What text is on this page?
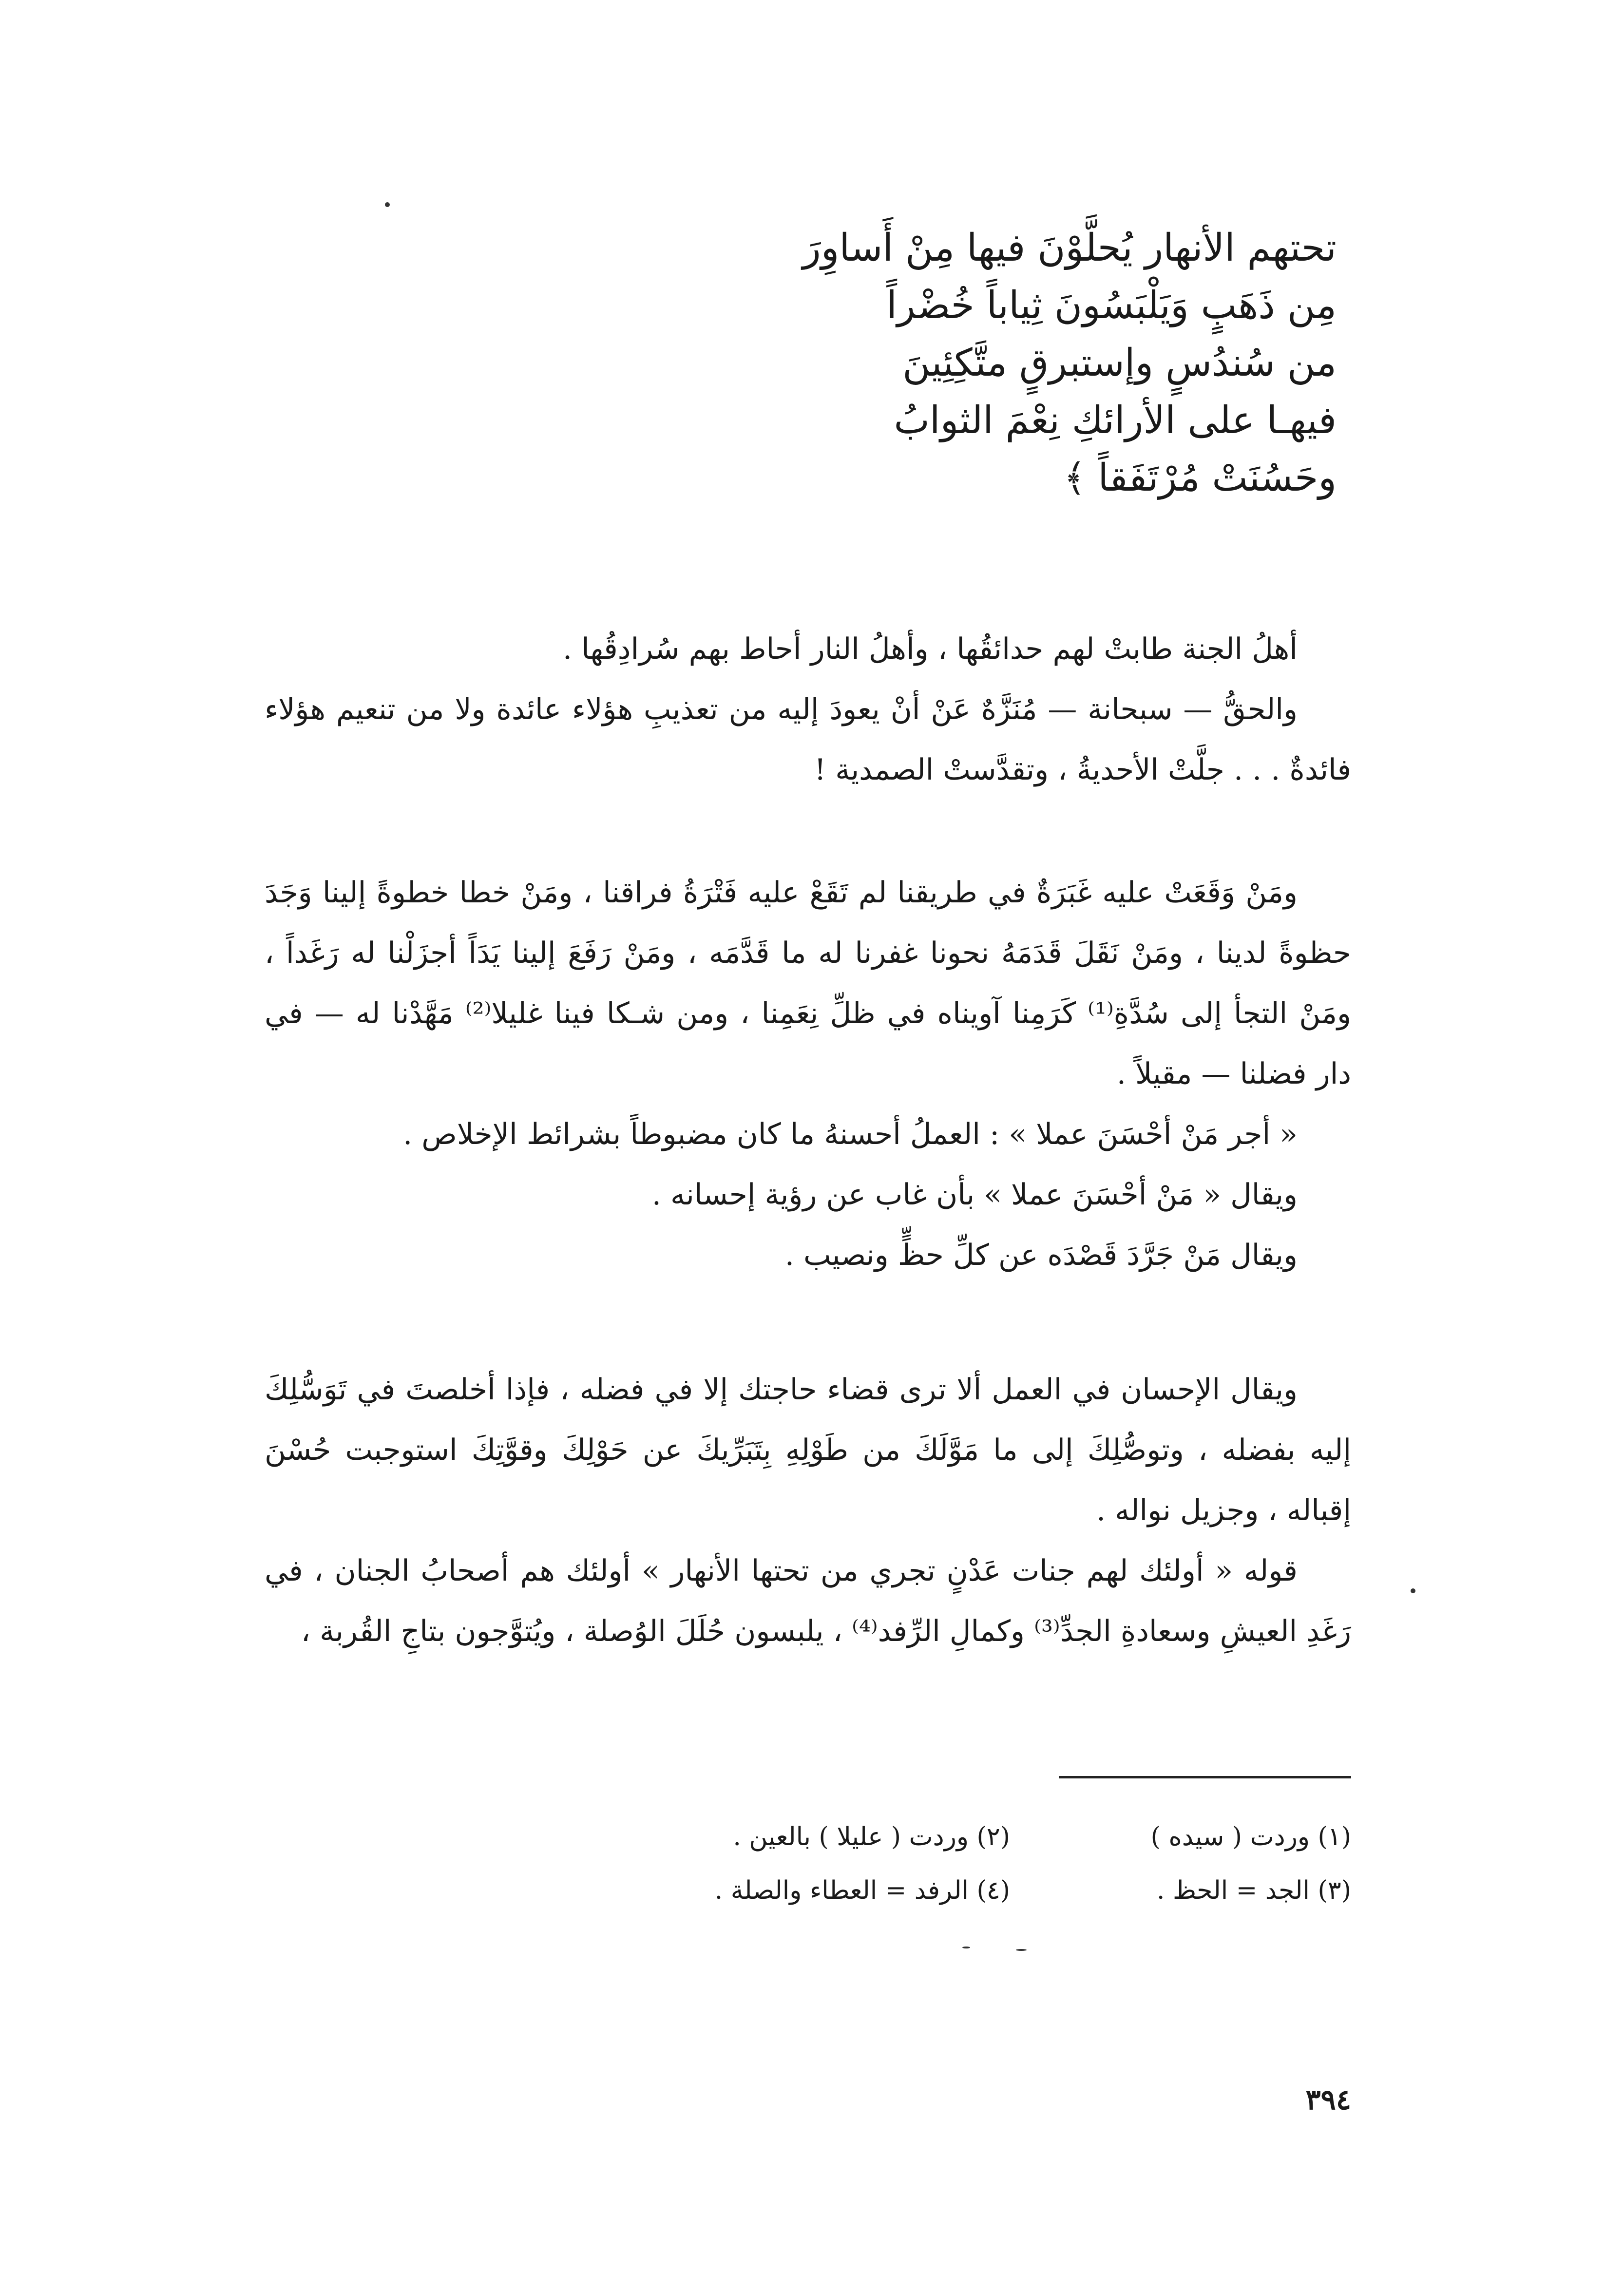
تحتهم الأنهار يُحلَّوْنَ فيها مِنْ أَساوِرَ
مِن ذَهَبٍ وَيَلْبَسُونَ ثِياباً خُضْراً
من سُندُسٍ وإستبرقٍ متَّكِئِينَ
فيهـا على الأرائكِ نِعْمَ الثوابُ
وحَسُنَتْ مُرْتَفَقاً ﴾

أهلُ الجنة طابتْ لهم حدائقُها ، وأهلُ النار أحاط بهم سُرادِقُها .

والحقُّ — سبحانة — مُنَزَّهٌ عَنْ أنْ يعودَ إليه من تعذيبِ هؤلاء عائدة ولا من تنعيم هؤلاء فائدةٌ . . . جلَّتْ الأحديةُ ، وتقدَّستْ الصمدية !

ومَنْ وَقَعَتْ عليه غَبَرَةٌ في طريقنا لم تَقَعْ عليه فَتْرَةُ فراقنا ، ومَنْ خطا خطوةً إلينا وَجَدَ حظوةً لدينا ، ومَنْ نَقَلَ قَدَمَهُ نحونا غفرنا له ما قَدَّمَه ، ومَنْ رَفَعَ إلينا يَدَاً أجزَلْنا له رَغَداً ، ومَنْ التجأ إلى سُدَّةِ⁽¹⁾ كَرَمِنا آويناه في ظلِّ نِعَمِنا ، ومن شـكا فينا غليلا⁽²⁾ مَهَّدْنا له — في دار فضلنا — مقيلاً .

« أجر مَنْ أحْسَنَ عملا » : العملُ أحسنهُ ما كان مضبوطاً بشرائط الإخلاص .

ويقال « مَنْ أحْسَنَ عملا » بأن غاب عن رؤية إحسانه .

ويقال مَنْ جَرَّدَ قَصْدَه عن كلِّ حظٍّ ونصيب .

ويقال الإحسان في العمل ألا ترى قضاء حاجتك إلا في فضله ، فإذا أخلصتَ في تَوَسُّلِكَ إليه بفضله ، وتوصُّلِكَ إلى ما مَوَّلَكَ من طَوْلِهِ بِتَبَرِّيكَ عن حَوْلِكَ وقوَّتِكَ استوجبت حُسْنَ إقباله ، وجزيل نواله .

قوله « أولئك لهم جنات عَدْنٍ تجري من تحتها الأنهار » أولئك هم أصحابُ الجنان ، في رَغَدِ العيشِ وسعادةِ الجدِّ⁽³⁾ وكمالِ الرِّفد⁽⁴⁾ ، يلبسون حُلَلَ الوُصلة ، ويُتوَّجون بتاجِ القُربة ،

(١) وردت ( سيده )
(٢) وردت ( عليلا ) بالعين .
(٣) الجد = الحظ .
(٤) الرفد = العطاء والصلة .
٣٩٤
